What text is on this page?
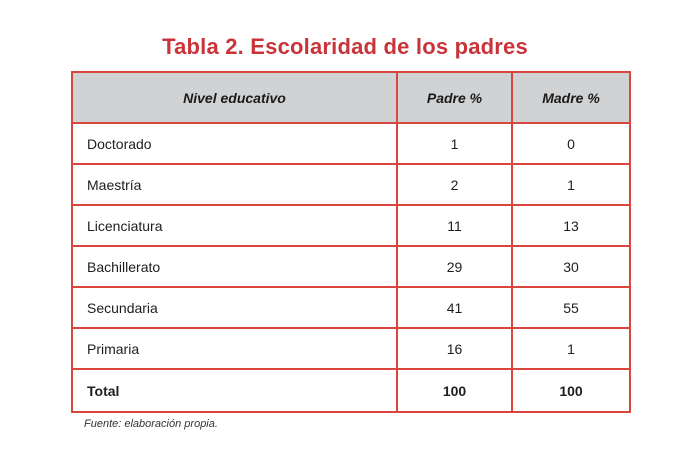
Tabla 2. Escolaridad de los padres
Nivel educativo	Padre %	Madre %
Doctorado	1	0
Maestría	2	1
Licenciatura	11	13
Bachillerato	29	30
Secundaria	41	55
Primaria	16	1
Total	100	100
Fuente: elaboración propia.
